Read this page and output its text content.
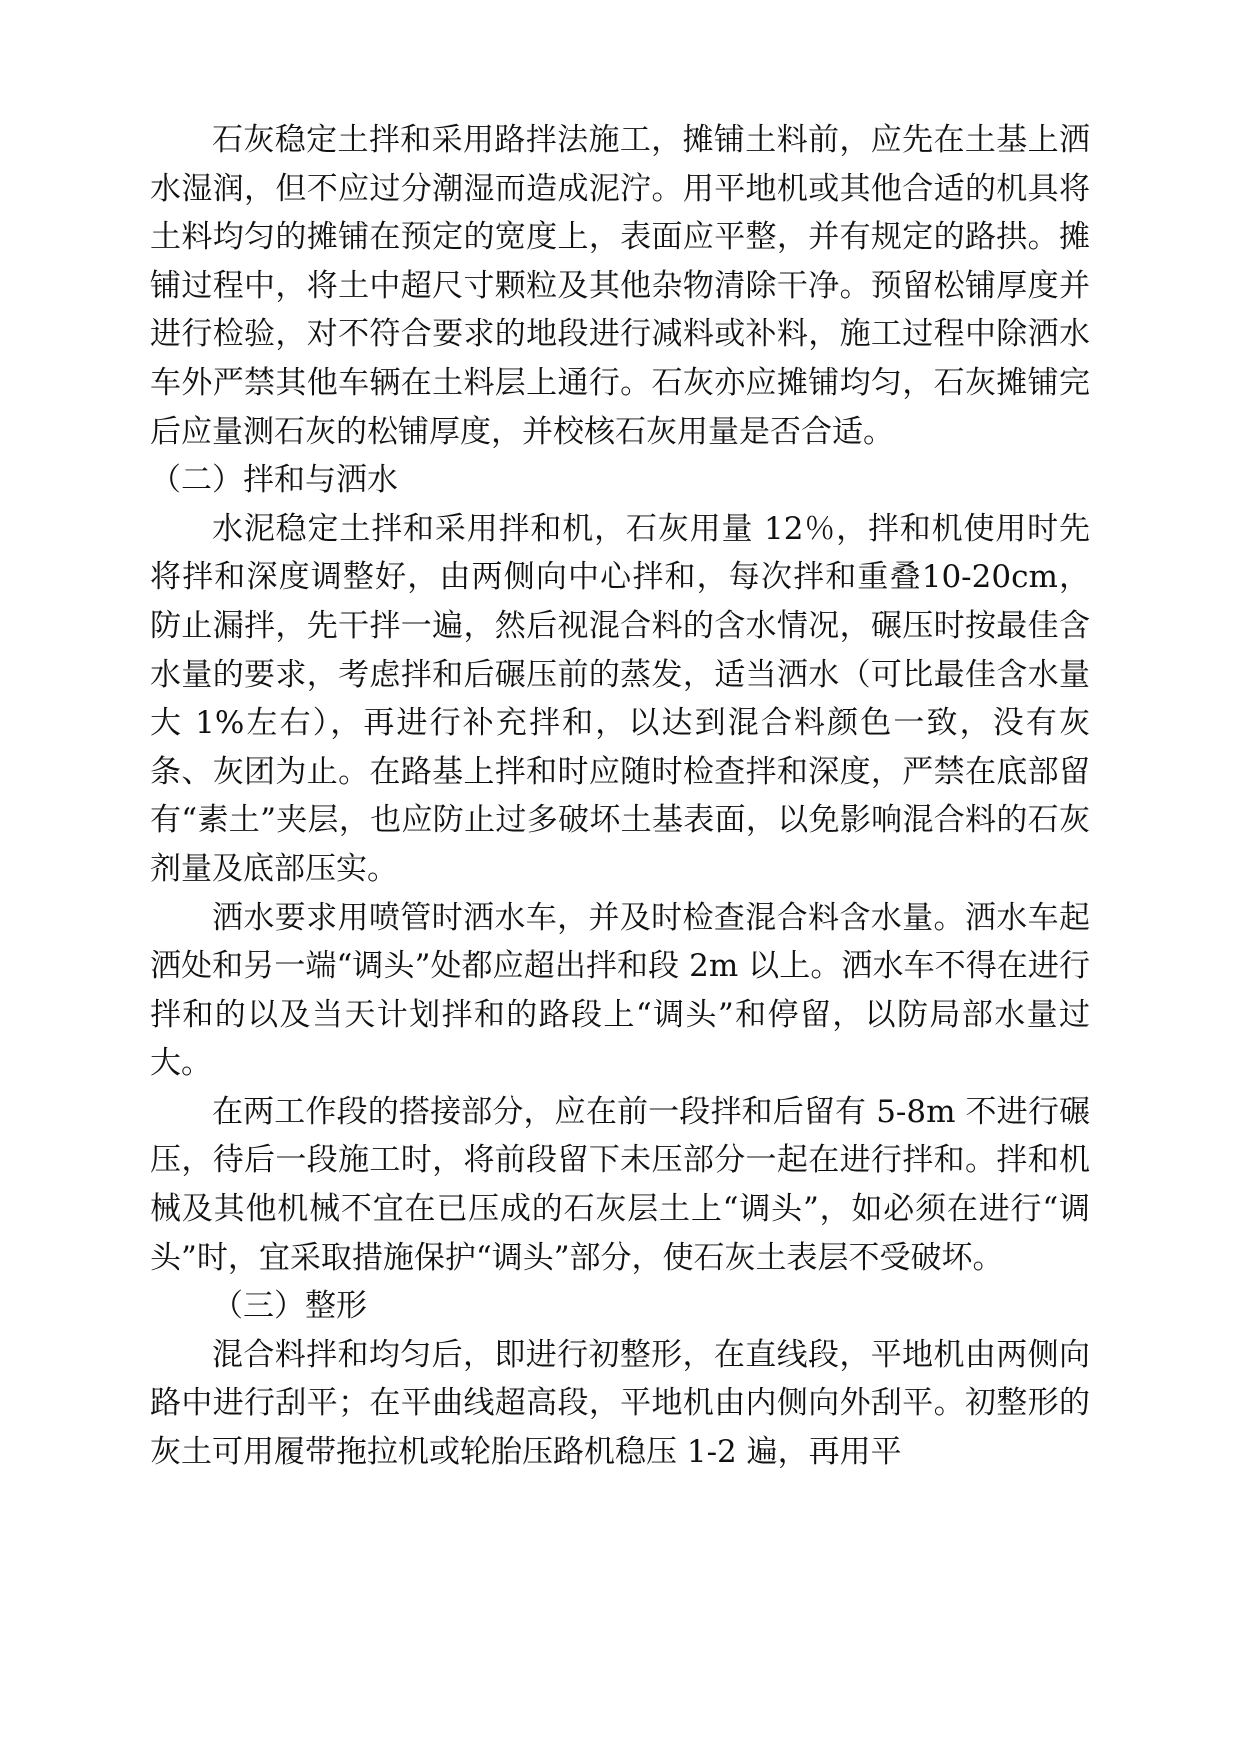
石灰稳定土拌和采用路拌法施工，摊铺土料前，应先在土基上洒水湿润，但不应过分潮湿而造成泥泞。用平地机或其他合适的机具将土料均匀的摊铺在预定的宽度上，表面应平整，并有规定的路拱。摊铺过程中，将土中超尺寸颗粒及其他杂物清除干净。预留松铺厚度并进行检验，对不符合要求的地段进行减料或补料，施工过程中除洒水车外严禁其他车辆在土料层上通行。石灰亦应摊铺均匀，石灰摊铺完后应量测石灰的松铺厚度，并校核石灰用量是否合适。

（二）拌和与洒水

水泥稳定土拌和采用拌和机，石灰用量 12％，拌和机使用时先将拌和深度调整好，由两侧向中心拌和，每次拌和重叠10-20cm，防止漏拌，先干拌一遍，然后视混合料的含水情况，碾压时按最佳含水量的要求，考虑拌和后碾压前的蒸发，适当洒水（可比最佳含水量大 1%左右），再进行补充拌和，以达到混合料颜色一致，没有灰条、灰团为止。在路基上拌和时应随时检查拌和深度，严禁在底部留有“素土”夹层，也应防止过多破坏土基表面，以免影响混合料的石灰剂量及底部压实。

洒水要求用喷管时洒水车，并及时检查混合料含水量。洒水车起洒处和另一端“调头”处都应超出拌和段 2m 以上。洒水车不得在进行拌和的以及当天计划拌和的路段上“调头”和停留，以防局部水量过大。

在两工作段的搭接部分，应在前一段拌和后留有 5-8m 不进行碾压，待后一段施工时，将前段留下未压部分一起在进行拌和。拌和机械及其他机械不宜在已压成的石灰层土上“调头”，如必须在进行“调头”时，宜采取措施保护“调头”部分，使石灰土表层不受破坏。

（三）整形

混合料拌和均匀后，即进行初整形，在直线段，平地机由两侧向路中进行刮平；在平曲线超高段，平地机由内侧向外刮平。初整形的灰土可用履带拖拉机或轮胎压路机稳压 1-2 遍，再用平
